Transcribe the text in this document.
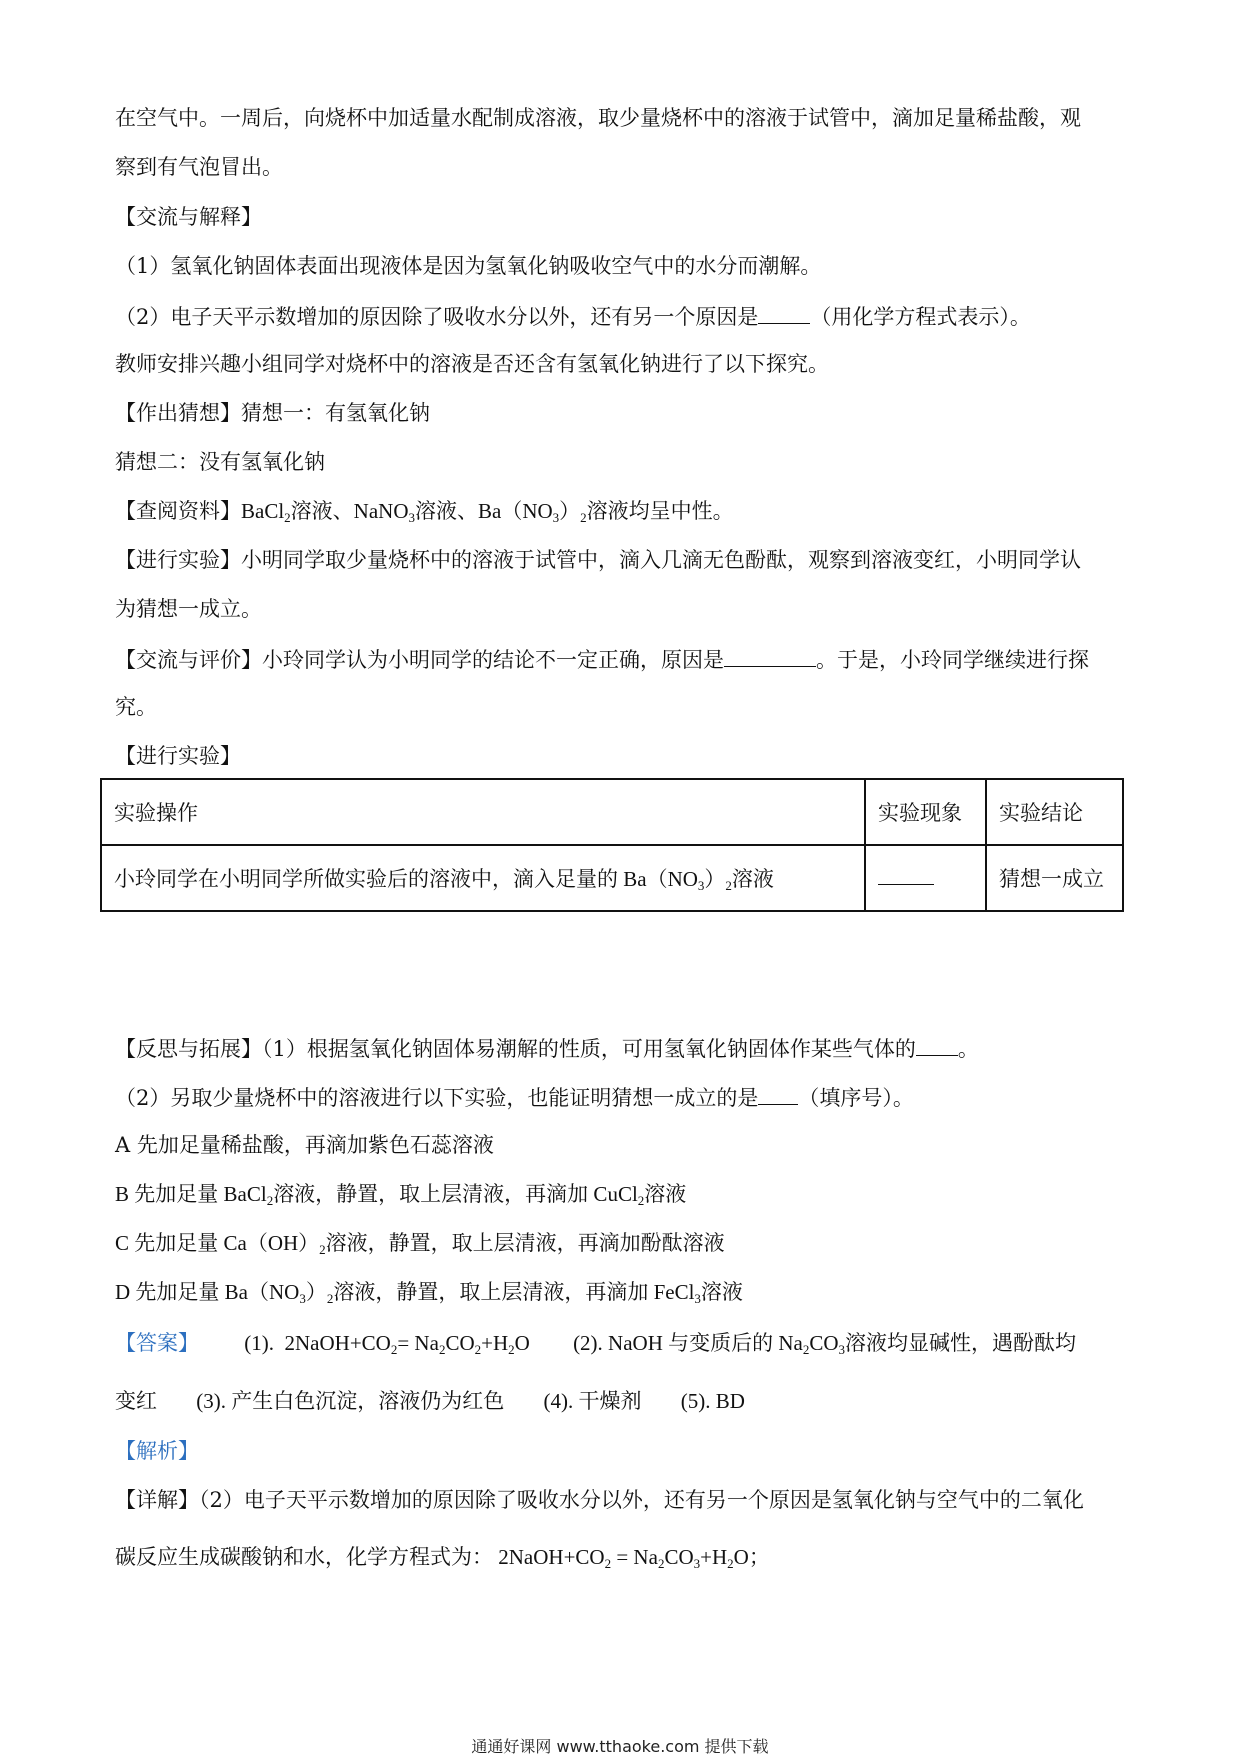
在空气中。一周后，向烧杯中加适量水配制成溶液，取少量烧杯中的溶液于试管中，滴加足量稀盐酸，观
察到有气泡冒出。
【交流与解释】
（1）氢氧化钠固体表面出现液体是因为氢氧化钠吸收空气中的水分而潮解。
（2）电子天平示数增加的原因除了吸收水分以外，还有另一个原因是 （用化学方程式表示）。
教师安排兴趣小组同学对烧杯中的溶液是否还含有氢氧化钠进行了以下探究。
【作出猜想】猜想一：有氢氧化钠
猜想二：没有氢氧化钠
【查阅资料】BaCl$_2$溶液、NaNO$_3$溶液、$Ba(NO_3)_2$溶液均呈中性。
【进行实验】小明同学取少量烧杯中的溶液于试管中，滴入几滴无色酚酞，观察到溶液变红，小明同学认
为猜想一成立。
【交流与评价】小玲同学认为小明同学的结论不一定正确，原因是	。于是，小玲同学继续进行探
究。
【进行实验】
实验操作	实验现象	实验结论
小玲同学在小明同学所做实验后的溶液中，滴入足量的 $Ba(NO_3)_2$溶液		猜想一成立
【反思与拓展】（1）根据氢氧化钠固体易潮解的性质，可用氢氧化钠固体作某些气体的 。
（2）另取少量烧杯中的溶液进行以下实验，也能证明猜想一成立的是 （填序号）。
A 先加足量稀盐酸，再滴加紫色石蕊溶液
B 先加足量 BaCl$_2$溶液，静置，取上层清液，再滴加 CuCl$_2$溶液
C 先加足量 $Ca(OH)_2$溶液，静置，取上层清液，再滴加酚酞溶液
D 先加足量 $Ba(NO_3)_2$溶液，静置，取上层清液，再滴加 FeCl$_3$溶液
【答案】 (1). $2NaOH+CO_2= Na_2CO_2+H_2O$ (2). NaOH 与变质后的 $Na_2CO_3$溶液均显碱性，遇酚酞均
变红 (3). 产生白色沉淀，溶液仍为红色 (4). 干燥剂 (5). BD
【解析】
【详解】（2）电子天平示数增加的原因除了吸收水分以外，还有另一个原因是氢氧化钠与空气中的二氧化
碳反应生成碳酸钠和水，化学方程式为： $2NaOH+CO_2 = Na_2CO_3+H_2O$；
通通好课网 www.tthaoke.com 提供下载
